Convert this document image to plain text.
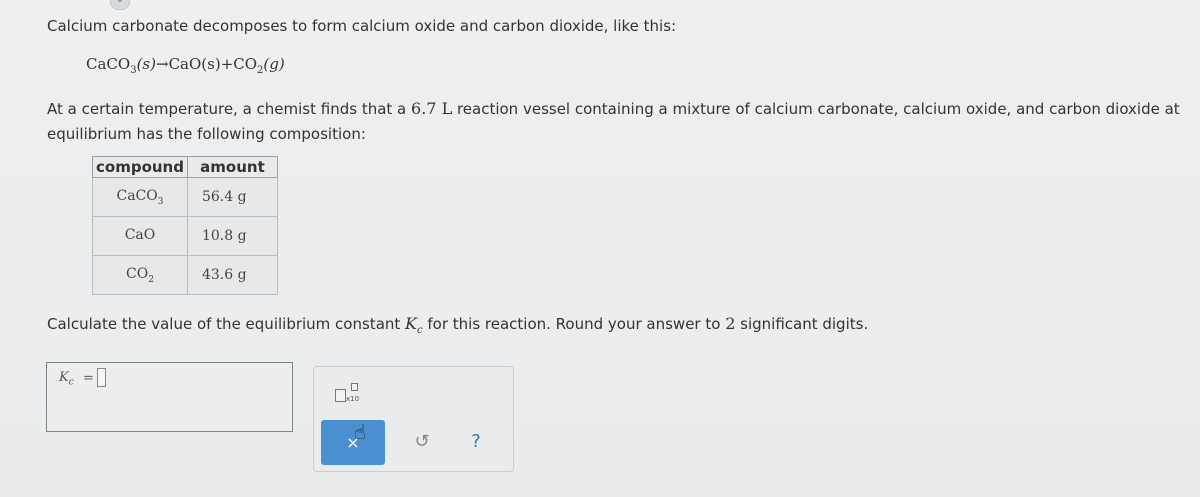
Calcium carbonate decomposes to form calcium oxide and carbon dioxide, like this:
$CaCO_3(s)\to CaO(s)+CO_2(g)$
At a certain temperature, a chemist finds that a 6.7 L reaction vessel containing a mixture of calcium carbonate, calcium oxide, and carbon dioxide at equilibrium has the following composition:
compound	amount
CaCO$_3$	56.4 g
CaO	10.8 g
$CO_2$	43.6 g
Calculate the value of the equilibrium constant $K_c$ for this reaction. Round your answer to 2 significant digits.
$K_c$ =
x10
×
☝	↺	?
